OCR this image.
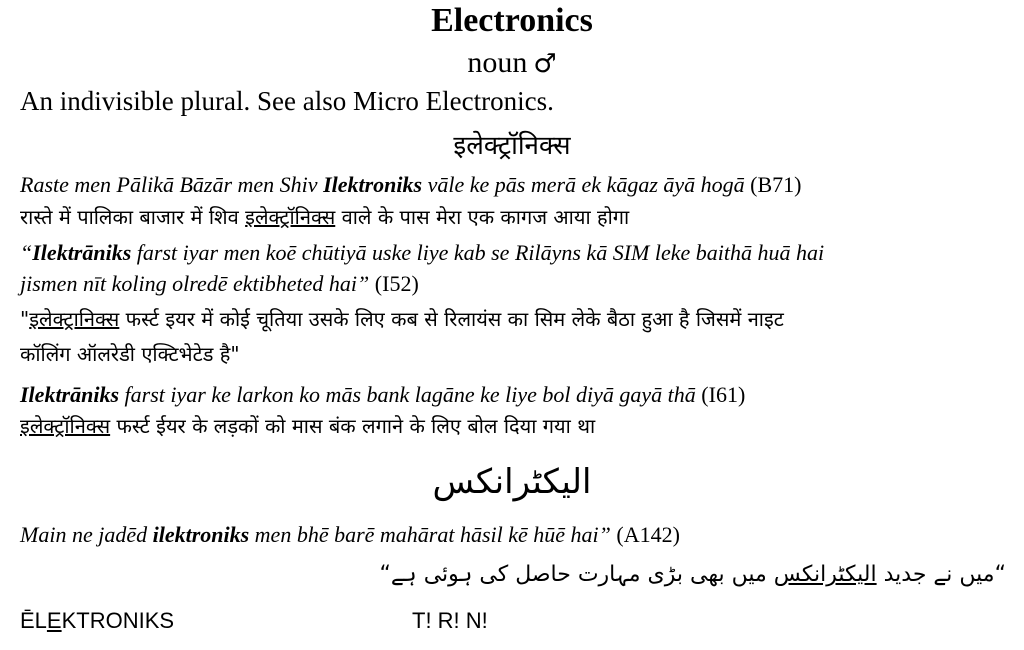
Electronics
noun ♂
An indivisible plural. See also Micro Electronics.
इलेक्ट्रॉनिक्स
Raste men Pālikā Bāzār men Shiv Ilektroniks vāle ke pās merā ek kāgaz āyā hogā (B71)
रास्ते में पालिका बाजार में शिव इलेक्ट्रॉनिक्स वाले के पास मेरा एक कागज आया होगा
“Ilektrāniks farst iyar men koē chūtiyā uske liye kab se Rilāyns kā SIM leke baithā huā hai
jismen nīt koling olredē ektibheted hai” (I52)
"इलेक्ट्रानिक्स फर्स्ट इयर में कोई चूतिया उसके लिए कब से रिलायंस का सिम लेके बैठा हुआ है जिसमें नाइट
कॉलिंग ऑलरेडी एक्टिभेटेड है"
Ilektrāniks farst iyar ke larkon ko mās bank lagāne ke liye bol diyā gayā thā (I61)
इलेक्ट्रॉनिक्स फर्स्ट ईयर के लड़कों को मास बंक लगाने के लिए बोल दिया गया था
الیکٹرانکس
Main ne jadēd ilektroniks men bhē barē mahārat hāsil kē hūē hai” (A142)
“میں نے جدید الیکٹرانکس میں بھی بڑی مہارت حاصل کی ہوئی ہے“
ĒLEKTRONIKS	T! R! N!
